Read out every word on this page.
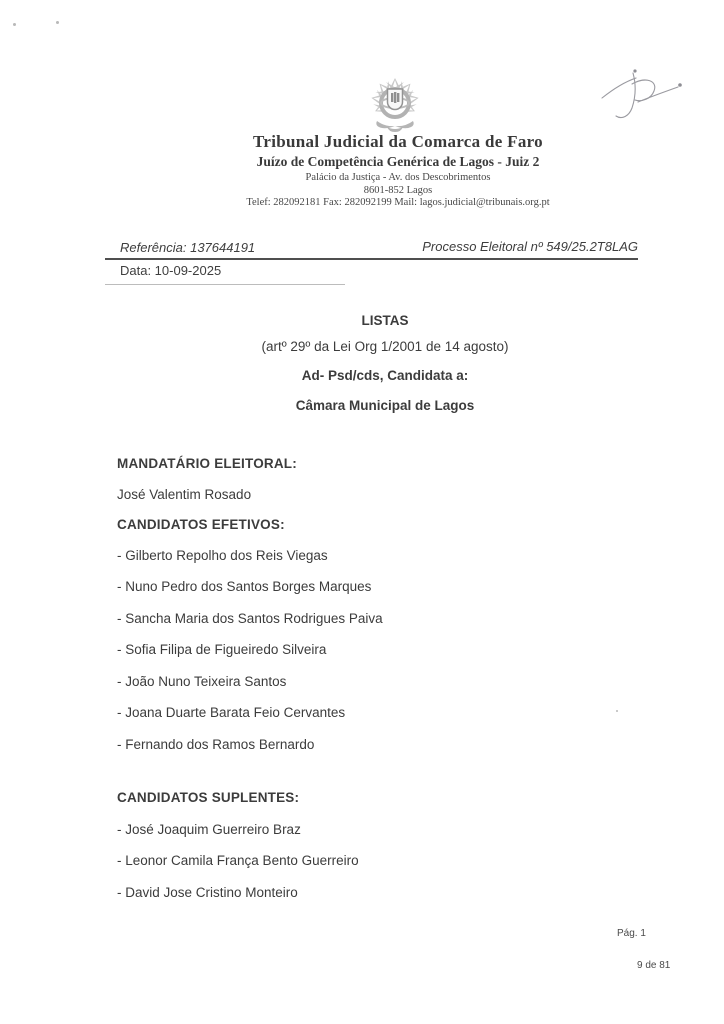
Tribunal Judicial da Comarca de Faro
Juízo de Competência Genérica de Lagos - Juiz 2
Palácio da Justiça - Av. dos Descobrimentos
8601-852 Lagos
Telef: 282092181 Fax: 282092199 Mail: lagos.judicial@tribunais.org.pt
Referência: 137644191	Processo Eleitoral nº 549/25.2T8LAG
Data: 10-09-2025
LISTAS
(artº 29º da Lei Org 1/2001 de 14 agosto)
Ad- Psd/cds, Candidata a:
Câmara Municipal de Lagos
MANDATÁRIO ELEITORAL:
José Valentim Rosado
CANDIDATOS EFETIVOS:
- Gilberto Repolho dos Reis Viegas
- Nuno Pedro dos Santos Borges Marques
- Sancha Maria dos Santos Rodrigues Paiva
- Sofia Filipa de Figueiredo Silveira
- João Nuno Teixeira Santos
- Joana Duarte Barata Feio Cervantes
- Fernando dos Ramos Bernardo
CANDIDATOS SUPLENTES:
- José Joaquim Guerreiro Braz
- Leonor Camila França Bento Guerreiro
- David Jose Cristino Monteiro
Pág. 1
9 de 81
